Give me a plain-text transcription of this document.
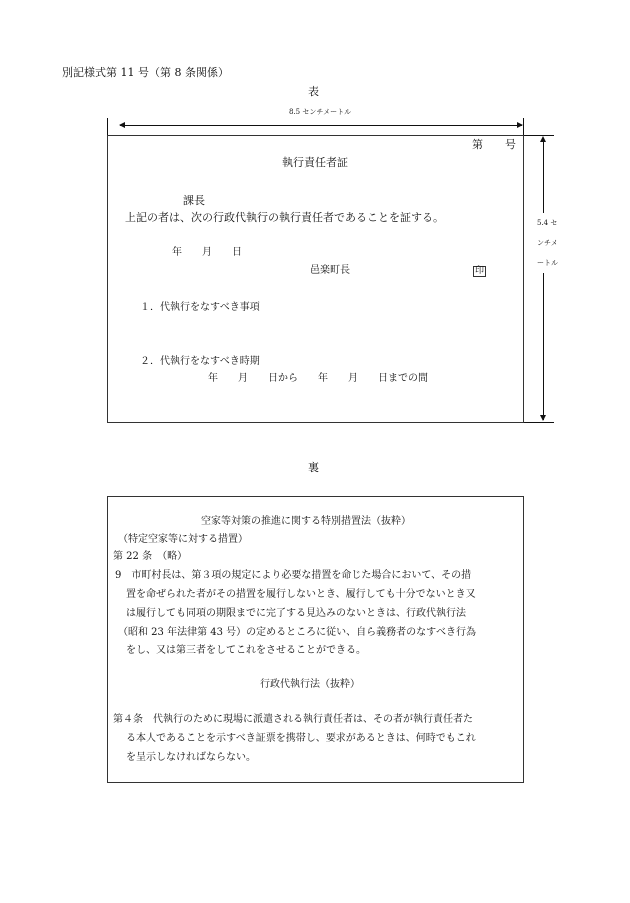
別記様式第 11 号（第 8 条関係）
表
8.5 センチメートル
5.4 センチメートル
第　　号
執行責任者証
課長
上記の者は、次の行政代執行の執行責任者であることを証する。
年　　月　　日
邑楽町長	印
１．代執行をなすべき事項
２．代執行をなすべき時期
年　　月　　日から　　年　　月　　日までの間
裏
空家等対策の推進に関する特別措置法（抜粋）
（特定空家等に対する措置）
第 22 条　（略）
9　市町村長は、第３項の規定により必要な措置を命じた場合において、その措
置を命ぜられた者がその措置を履行しないとき、履行しても十分でないとき又
は履行しても同項の期限までに完了する見込みのないときは、行政代執行法
（昭和 23 年法律第 43 号）の定めるところに従い、自ら義務者のなすべき行為
をし、又は第三者をしてこれをさせることができる。
行政代執行法（抜粋）
第４条　代執行のために現場に派遣される執行責任者は、その者が執行責任者た
る本人であることを示すべき証票を携帯し、要求があるときは、何時でもこれ
を呈示しなければならない。
